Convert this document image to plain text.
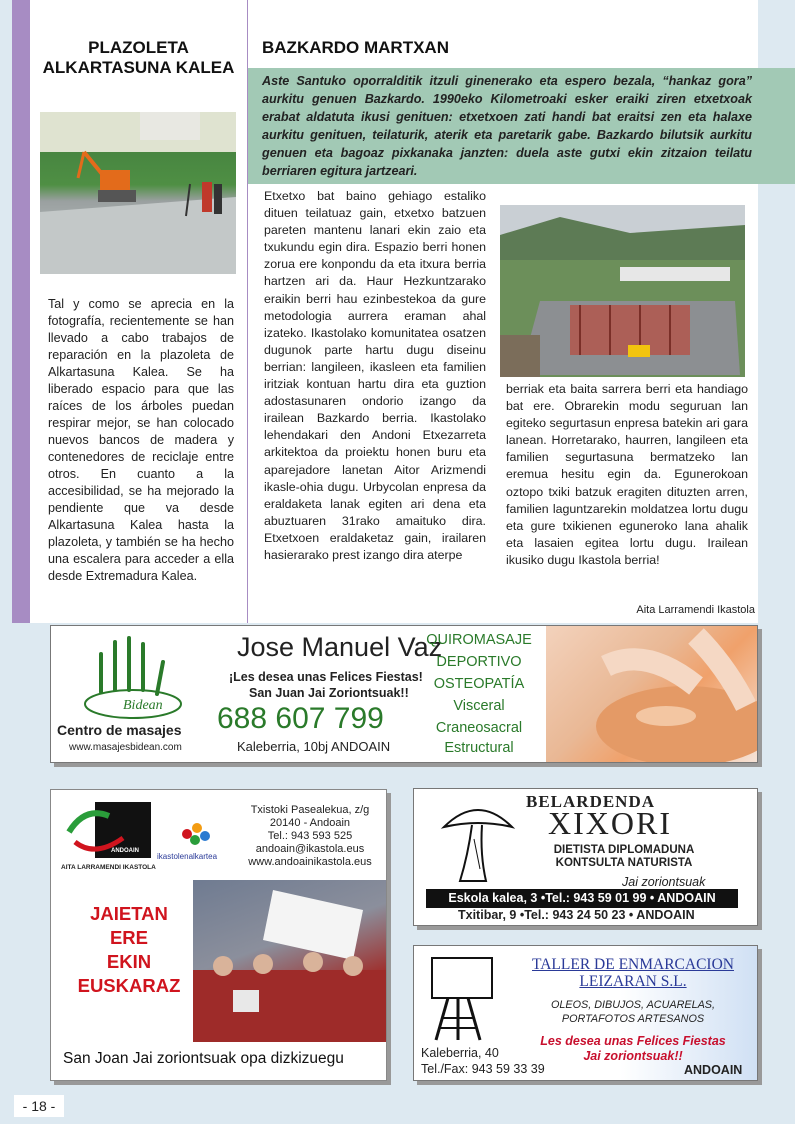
PLAZOLETA ALKARTASUNA KALEA
Tal y como se aprecia en la fotografía, recientemente se han llevado a cabo trabajos de reparación en la plazoleta de Alkartasuna Kalea. Se ha liberado espacio para que las raíces de los árboles puedan respirar mejor, se han colocado nuevos bancos de madera y contenedores de reciclaje entre otros. En cuanto a la accesibilidad, se ha mejorado la pendiente que va desde Alkartasuna Kalea hasta la plazoleta, y también se ha hecho una escalera para acceder a ella desde Extremadura Kalea.
BAZKARDO MARTXAN
Aste Santuko oporralditik itzuli ginenerako eta espero bezala, “hankaz gora” aurkitu genuen Bazkardo. 1990eko Kilometroaki esker eraiki ziren etxetxoak erabat aldatuta ikusi genituen: etxetxoen zati handi bat eraitsi zen eta halaxe aurkitu genituen, teilaturik, aterik eta paretarik gabe. Bazkardo bilutsik aurkitu genuen eta bagoaz pixkanaka janzten: duela aste gutxi ekin zitzaion teilatu berriaren egitura jartzeari.
Etxetxo bat baino gehiago estaliko dituen teilatuaz gain, etxetxo batzuen pareten mantenu lanari ekin zaio eta txukundu egin dira. Espazio berri honen zorua ere konpondu da eta itxura berria hartzen ari da. Haur Hezkuntzarako eraikin berri hau ezinbestekoa da gure metodologia aurrera eraman ahal izateko. Ikastolako komunitatea osatzen dugunok parte hartu dugu diseinu berrian: langileen, ikasleen eta familien iritziak kontuan hartu dira eta guztion adostasunaren ondorio izango da irailean Bazkardo berria. Ikastolako lehendakari den Andoni Etxezarreta arkitektoa da proiektu honen buru eta aparejadore lanetan Aitor Arizmendi ikasle-ohia dugu. Urbycolan enpresa da eraldaketa lanak egiten ari dena eta abuztuaren 31rako amaituko dira. Etxetxoen eraldaketaz gain, irailaren hasierarako prest izango dira aterpe
berriak eta baita sarrera berri eta handiago bat ere. Obrarekin modu seguruan lan egiteko segurtasun enpresa batekin ari gara lanean. Horretarako, haurren, langileen eta familien segurtasuna bermatzeko lan eremua hesitu egin da. Egunerokoan oztopo txiki batzuk eragiten dituzten arren, familien laguntzarekin moldatzea lortu dugu eta gure txikienen eguneroko lana ahalik eta lasaien egitea lortu dugu. Irailean ikusiko dugu Ikastola berria!
Aita Larramendi Ikastola
Bidean
Centro de masajes
www.masajesbidean.com
Jose Manuel Vaz
¡Les desea unas Felices Fiestas!
San Juan Jai Zoriontsuak!!
688 607 799
Kaleberria, 10bj ANDOAIN
QUIROMASAJE
DEPORTIVO
OSTEOPATÍA
Visceral
Craneosacral
Estructural
ANDOAIN
AITA LARRAMENDI IKASTOLA
ikastolenalkartea
Txistoki Pasealekua, z/g
20140 - Andoain
Tel.: 943 593 525
andoain@ikastola.eus
www.andoainikastola.eus
JAIETAN
ERE
EKIN
EUSKARAZ
San Joan Jai zoriontsuak opa dizkizuegu
BELARDENDA
XIXORI
DIETISTA DIPLOMADUNA
KONTSULTA NATURISTA
Jai zoriontsuak
Eskola kalea, 3 •Tel.: 943 59 01 99 • ANDOAIN
Txitibar, 9 •Tel.: 943 24 50 23 • ANDOAIN
TALLER DE ENMARCACION
LEIZARAN S.L.
OLEOS, DIBUJOS, ACUARELAS,
PORTAFOTOS ARTESANOS
Les desea unas Felices Fiestas
Jai zoriontsuak!!
Kaleberria, 40
Tel./Fax: 943 59 33 39	ANDOAIN
- 18 -
